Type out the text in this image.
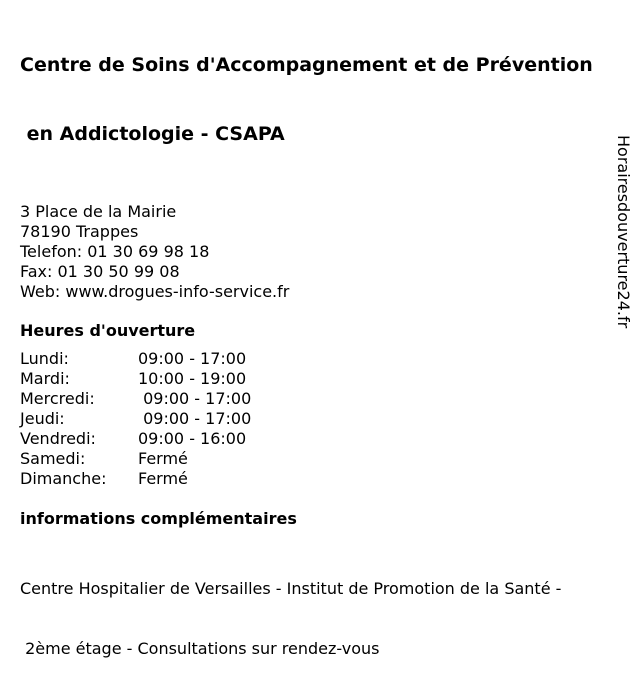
Centre de Soins d'Accompagnement et de Prévention

en Addictologie - CSAPA

3 Place de la Mairie
78190 Trappes
Telefon: 01 30 69 98 18
Fax: 01 30 50 99 08
Web: www.drogues-info-service.fr
Heures d'ouverture
Lundi:	09:00 - 17:00
Mardi:	10:00 - 19:00
Mercredi:	09:00 - 17:00
Jeudi:	09:00 - 17:00
Vendredi:	09:00 - 16:00
Samedi:	Fermé
Dimanche:	Fermé
informations complémentaires

Centre Hospitalier de Versailles - Institut de Promotion de la Santé -

2ème étage - Consultations sur rendez-vous

Horairesdouverture24.fr
